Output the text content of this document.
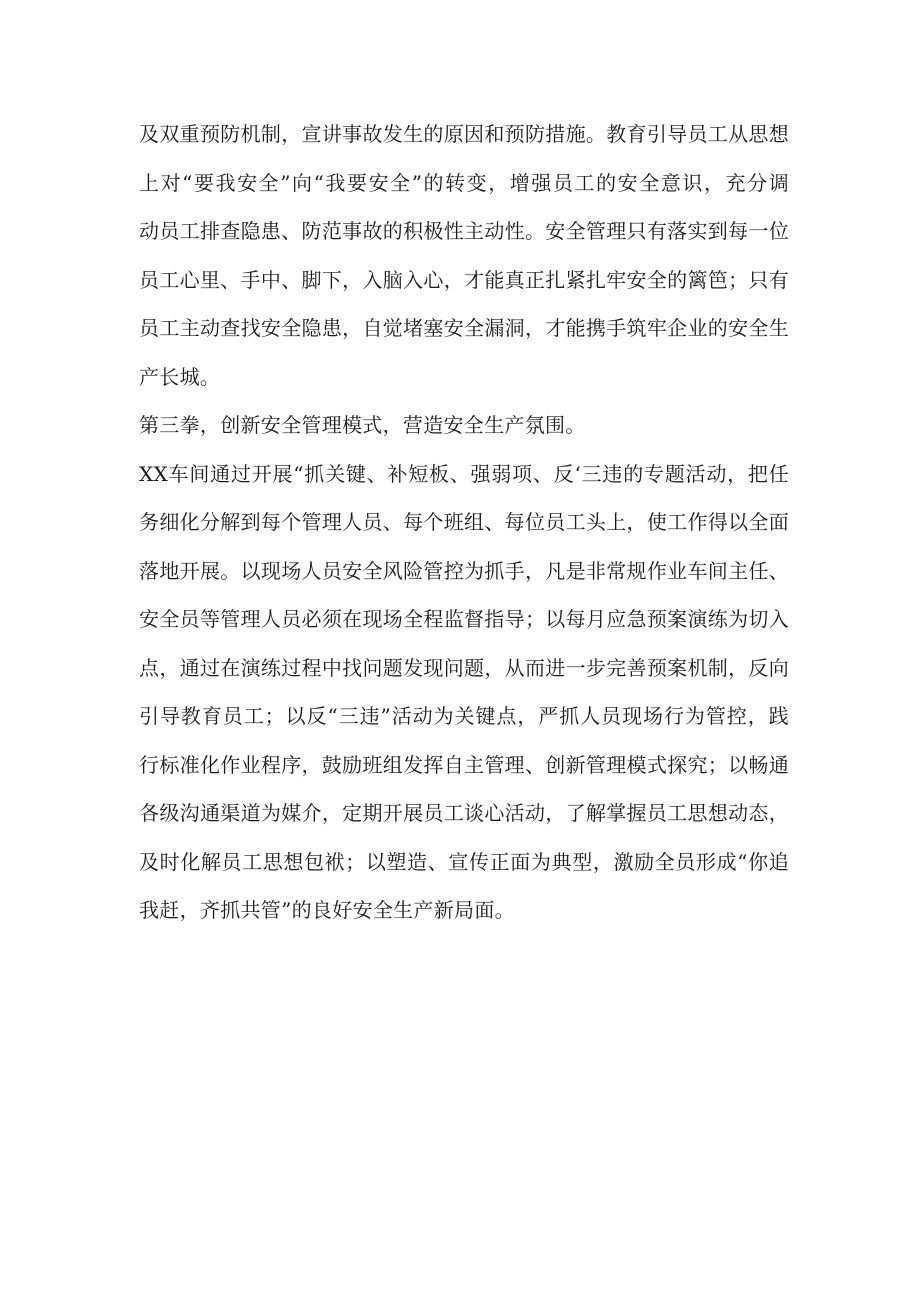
及双重预防机制，宣讲事故发生的原因和预防措施。教育引导员工从思想
上对“要我安全”向“我要安全”的转变，增强员工的安全意识，充分调
动员工排查隐患、防范事故的积极性主动性。安全管理只有落实到每一位
员工心里、手中、脚下，入脑入心，才能真正扎紧扎牢安全的篱笆；只有
员工主动查找安全隐患，自觉堵塞安全漏洞，才能携手筑牢企业的安全生
产长城。
第三拳，创新安全管理模式，营造安全生产氛围。
XX车间通过开展“抓关键、补短板、强弱项、反‘三违的专题活动，把任
务细化分解到每个管理人员、每个班组、每位员工头上，使工作得以全面
落地开展。以现场人员安全风险管控为抓手，凡是非常规作业车间主任、
安全员等管理人员必须在现场全程监督指导；以每月应急预案演练为切入
点，通过在演练过程中找问题发现问题，从而进一步完善预案机制，反向
引导教育员工；以反“三违”活动为关键点，严抓人员现场行为管控，践
行标准化作业程序，鼓励班组发挥自主管理、创新管理模式探究；以畅通
各级沟通渠道为媒介，定期开展员工谈心活动，了解掌握员工思想动态，
及时化解员工思想包袱；以塑造、宣传正面为典型，激励全员形成“你追
我赶，齐抓共管”的良好安全生产新局面。
